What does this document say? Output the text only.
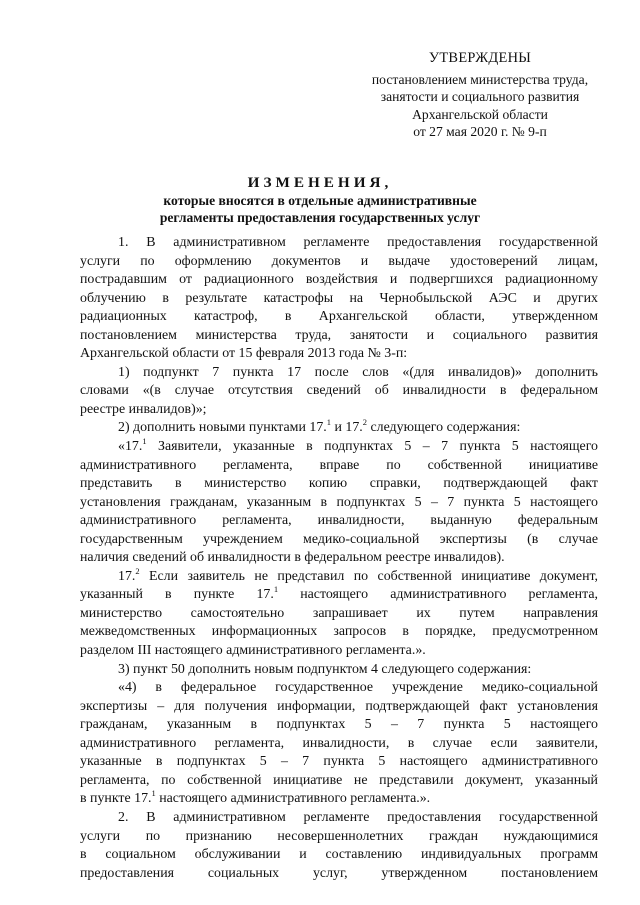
УТВЕРЖДЕНЫ
постановлением министерства труда,
занятости и социального развития
Архангельской области
от 27 мая 2020 г. № 9-п
ИЗМЕНЕНИЯ,
которые вносятся в отдельные административные
регламенты предоставления государственных услуг
1. В административном регламенте предоставления государственной
услуги по оформлению документов и выдаче удостоверений лицам,
пострадавшим от радиационного воздействия и подвергшихся радиационному
облучению в результате катастрофы на Чернобыльской АЭС и других
радиационных катастроф, в Архангельской области, утвержденном
постановлением министерства труда, занятости и социального развития
Архангельской области от 15 февраля 2013 года № 3-п:
1) подпункт 7 пункта 17 после слов «(для инвалидов)» дополнить
словами «(в случае отсутствия сведений об инвалидности в федеральном
реестре инвалидов)»;
2) дополнить новыми пунктами 17.$^1$ и 17.$^2$ следующего содержания:
«17.$^1$ Заявители, указанные в подпунктах 5 – 7 пункта 5 настоящего
административного регламента, вправе по собственной инициативе
представить в министерство копию справки, подтверждающей факт
установления гражданам, указанным в подпунктах 5 – 7 пункта 5 настоящего
административного регламента, инвалидности, выданную федеральным
государственным учреждением медико-социальной экспертизы (в случае
наличия сведений об инвалидности в федеральном реестре инвалидов).
17.$^2$ Если заявитель не представил по собственной инициативе документ,
указанный в пункте 17.$^1$ настоящего административного регламента,
министерство самостоятельно запрашивает их путем направления
межведомственных информационных запросов в порядке, предусмотренном
разделом III настоящего административного регламента.».
3) пункт 50 дополнить новым подпунктом 4 следующего содержания:
«4) в федеральное государственное учреждение медико-социальной
экспертизы – для получения информации, подтверждающей факт установления
гражданам, указанным в подпунктах 5 – 7 пункта 5 настоящего
административного регламента, инвалидности, в случае если заявители,
указанные в подпунктах 5 – 7 пункта 5 настоящего административного
регламента, по собственной инициативе не представили документ, указанный
в пункте 17.$^1$ настоящего административного регламента.».
2. В административном регламенте предоставления государственной
услуги по признанию несовершеннолетних граждан нуждающимися
в социальном обслуживании и составлению индивидуальных программ
предоставления социальных услуг, утвержденном постановлением
